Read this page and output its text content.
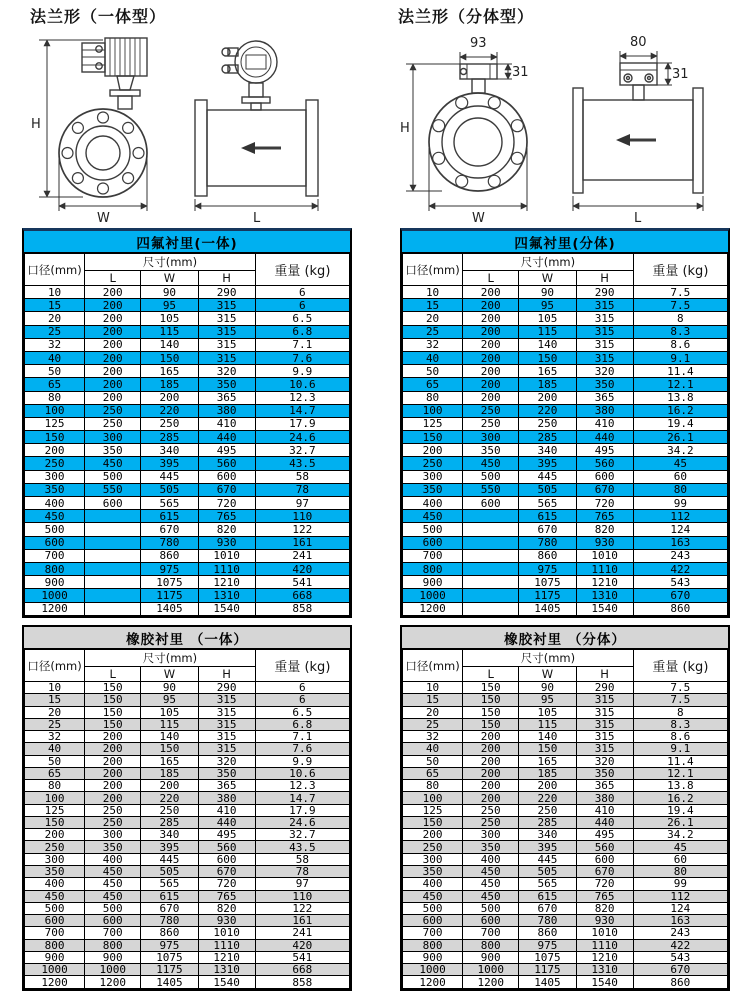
法兰形（一体型）	法兰形（分体型）
H
W	L
93
31
H
W
80
31
L
四氟衬里(一体)
口径(mm)	尺寸(mm)			重量 (kg)
	L	W	H	
10	200	90	290	6
15	200	95	315	6
20	200	105	315	6.5
25	200	115	315	6.8
32	200	140	315	7.1
40	200	150	315	7.6
50	200	165	320	9.9
65	200	185	350	10.6
80	200	200	365	12.3
100	250	220	380	14.7
125	250	250	410	17.9
150	300	285	440	24.6
200	350	340	495	32.7
250	450	395	560	43.5
300	500	445	600	58
350	550	505	670	78
400	600	565	720	97
450		615	765	110
500		670	820	122
600		780	930	161
700		860	1010	241
800		975	1110	420
900		1075	1210	541
1000		1175	1310	668
1200		1405	1540	858
四氟衬里(分体)
口径(mm)	尺寸(mm)			重量 (kg)
	L	W	H	
10	200	90	290	7.5
15	200	95	315	7.5
20	200	105	315	8
25	200	115	315	8.3
32	200	140	315	8.6
40	200	150	315	9.1
50	200	165	320	11.4
65	200	185	350	12.1
80	200	200	365	13.8
100	250	220	380	16.2
125	250	250	410	19.4
150	300	285	440	26.1
200	350	340	495	34.2
250	450	395	560	45
300	500	445	600	60
350	550	505	670	80
400	600	565	720	99
450		615	765	112
500		670	820	124
600		780	930	163
700		860	1010	243
800		975	1110	422
900		1075	1210	543
1000		1175	1310	670
1200		1405	1540	860
橡胶衬里 （一体）
口径(mm)	尺寸(mm)			重量 (kg)
	L	W	H	
10	150	90	290	6
15	150	95	315	6
20	150	105	315	6.5
25	150	115	315	6.8
32	200	140	315	7.1
40	200	150	315	7.6
50	200	165	320	9.9
65	200	185	350	10.6
80	200	200	365	12.3
100	200	220	380	14.7
125	250	250	410	17.9
150	250	285	440	24.6
200	300	340	495	32.7
250	350	395	560	43.5
300	400	445	600	58
350	450	505	670	78
400	450	565	720	97
450	450	615	765	110
500	500	670	820	122
600	600	780	930	161
700	700	860	1010	241
800	800	975	1110	420
900	900	1075	1210	541
1000	1000	1175	1310	668
1200	1200	1405	1540	858
橡胶衬里 （分体）
口径(mm)	尺寸(mm)			重量 (kg)
	L	W	H	
10	150	90	290	7.5
15	150	95	315	7.5
20	150	105	315	8
25	150	115	315	8.3
32	200	140	315	8.6
40	200	150	315	9.1
50	200	165	320	11.4
65	200	185	350	12.1
80	200	200	365	13.8
100	200	220	380	16.2
125	250	250	410	19.4
150	250	285	440	26.1
200	300	340	495	34.2
250	350	395	560	45
300	400	445	600	60
350	450	505	670	80
400	450	565	720	99
450	450	615	765	112
500	500	670	820	124
600	600	780	930	163
700	700	860	1010	243
800	800	975	1110	422
900	900	1075	1210	543
1000	1000	1175	1310	670
1200	1200	1405	1540	860
